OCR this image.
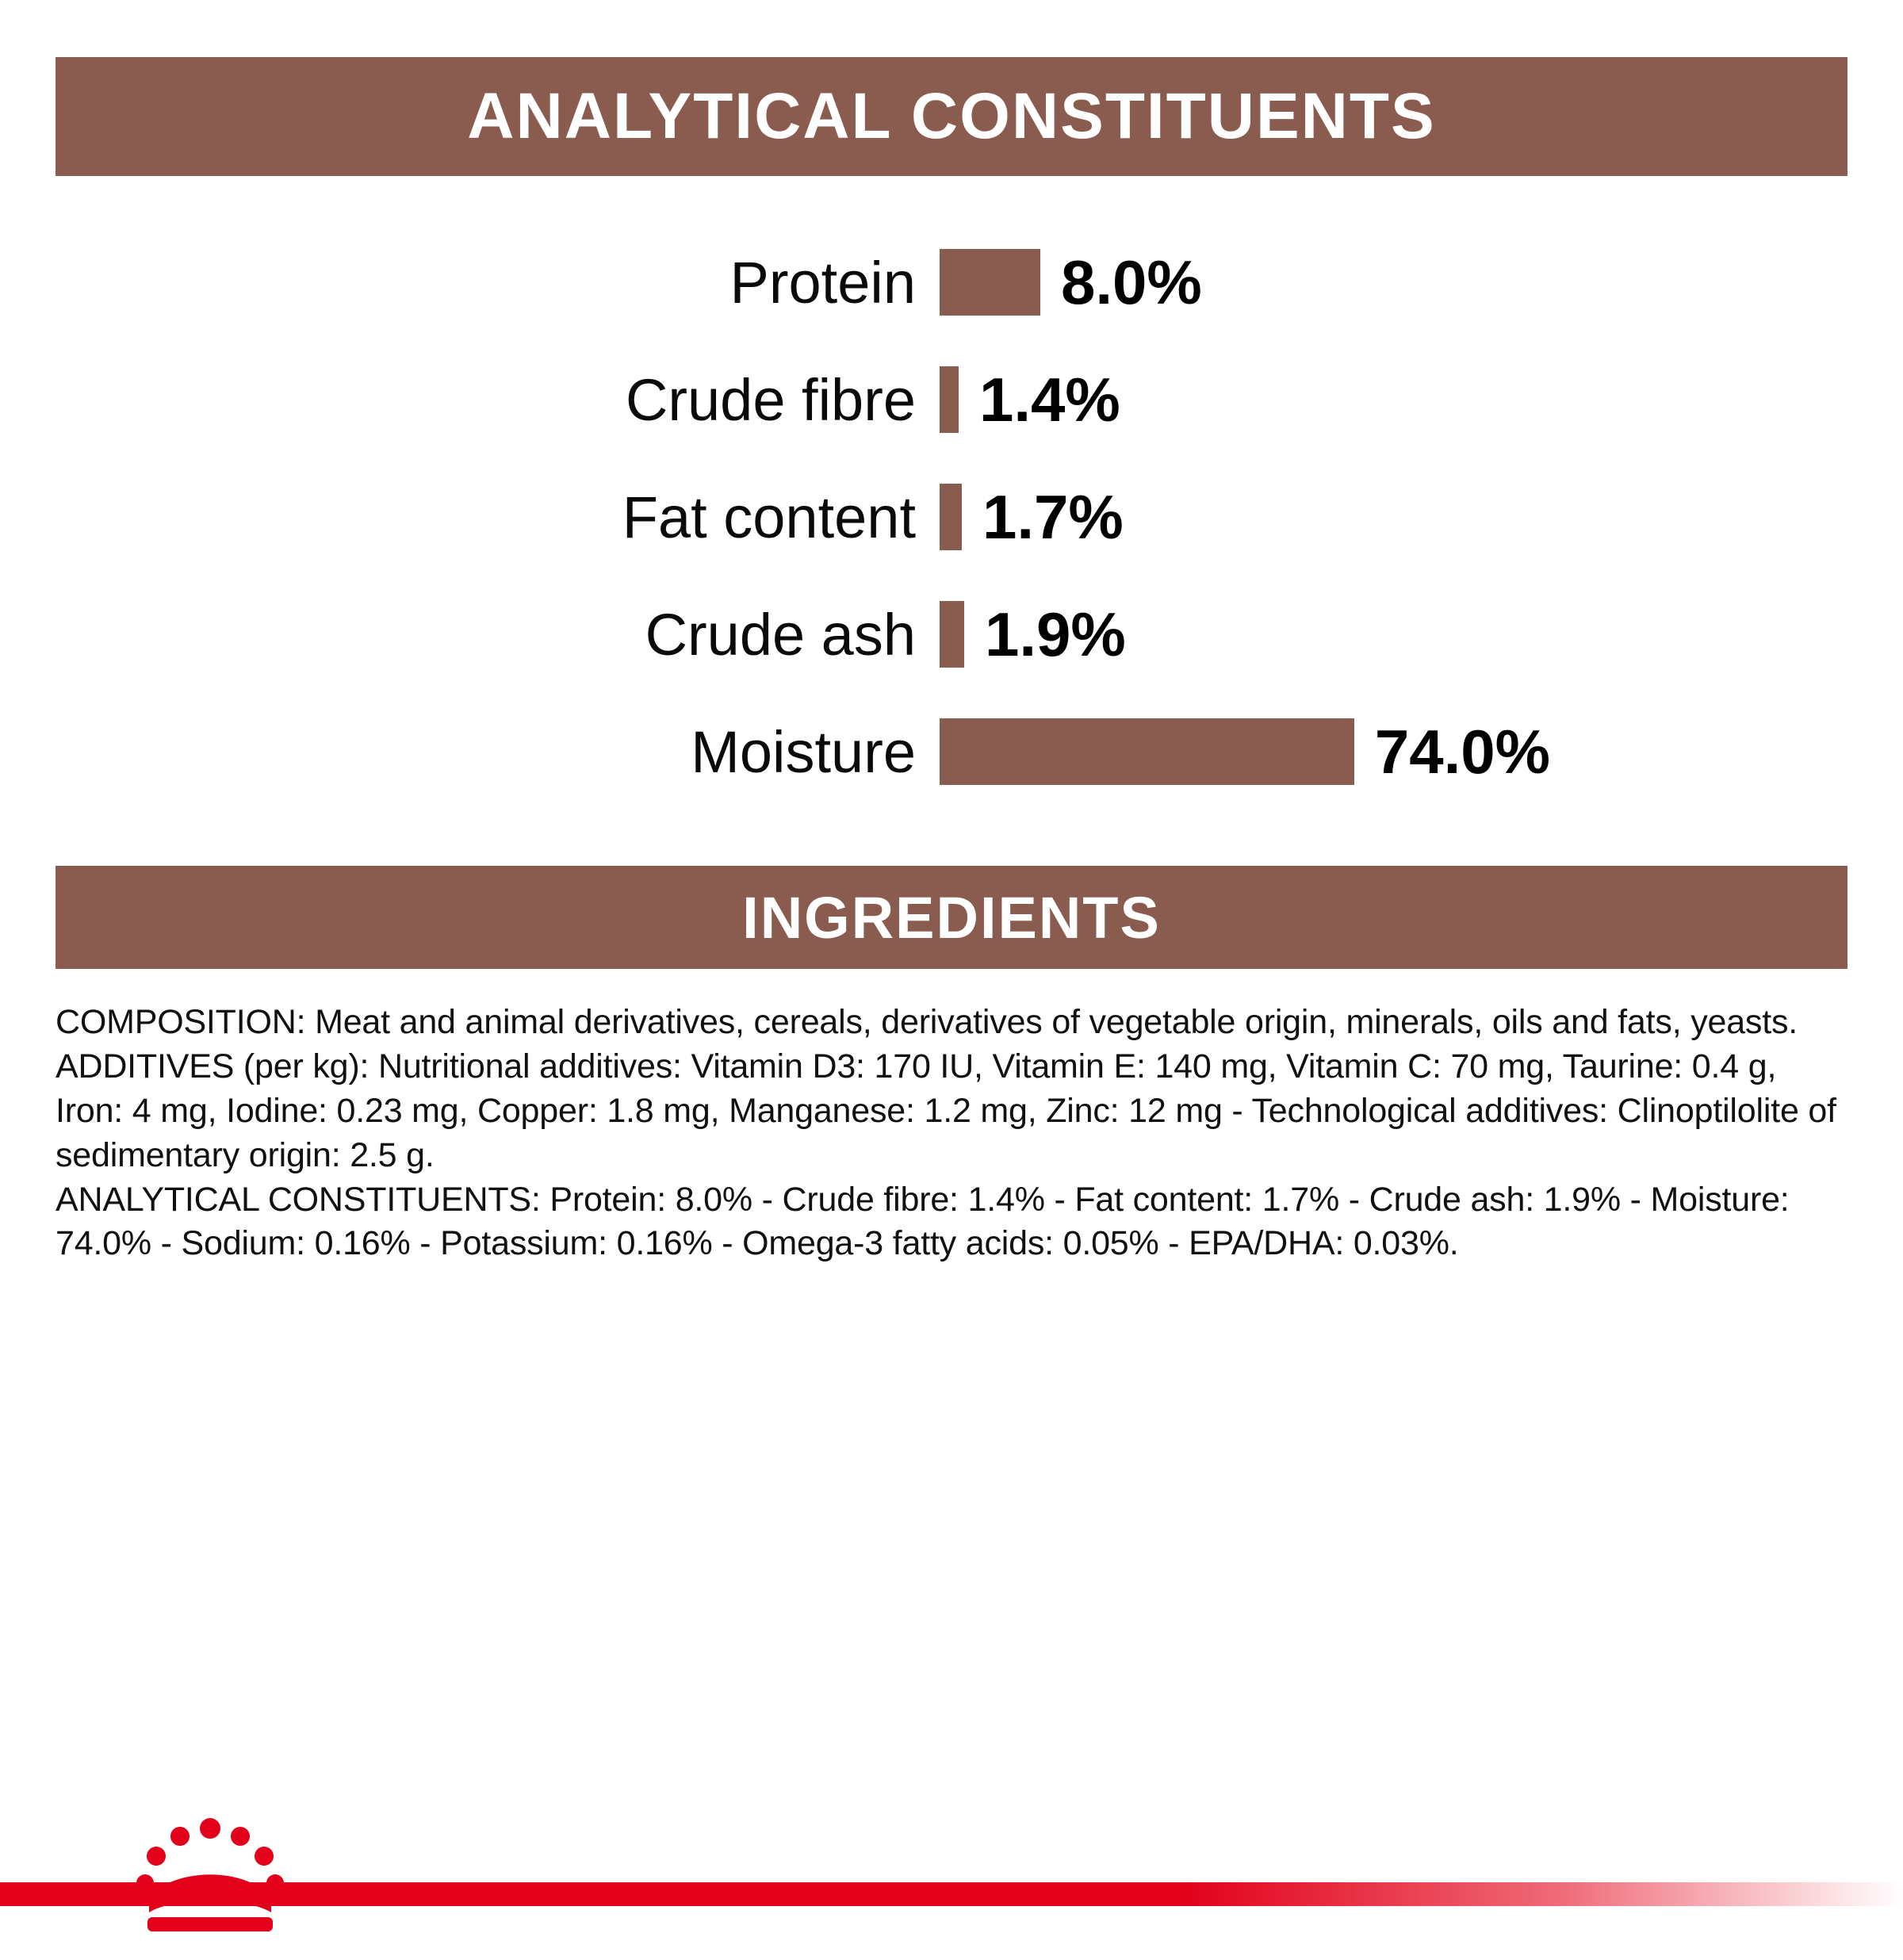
ANALYTICAL CONSTITUENTS
Protein	8.0%
Crude fibre	1.4%
Fat content	1.7%
Crude ash	1.9%
Moisture	74.0%
INGREDIENTS

COMPOSITION: Meat and animal derivatives, cereals, derivatives of vegetable origin, minerals, oils and fats, yeasts.

ADDITIVES (per kg): Nutritional additives: Vitamin D3: 170 IU, Vitamin E: 140 mg, Vitamin C: 70 mg, Taurine: 0.4 g, Iron: 4 mg, Iodine: 0.23 mg, Copper: 1.8 mg, Manganese: 1.2 mg, Zinc: 12 mg - Technological additives: Clinoptilolite of sedimentary origin: 2.5 g.

ANALYTICAL CONSTITUENTS: Protein: 8.0% - Crude fibre: 1.4% - Fat content: 1.7% - Crude ash: 1.9% - Moisture: 74.0% - Sodium: 0.16% - Potassium: 0.16% - Omega-3 fatty acids: 0.05% - EPA/DHA: 0.03%.
